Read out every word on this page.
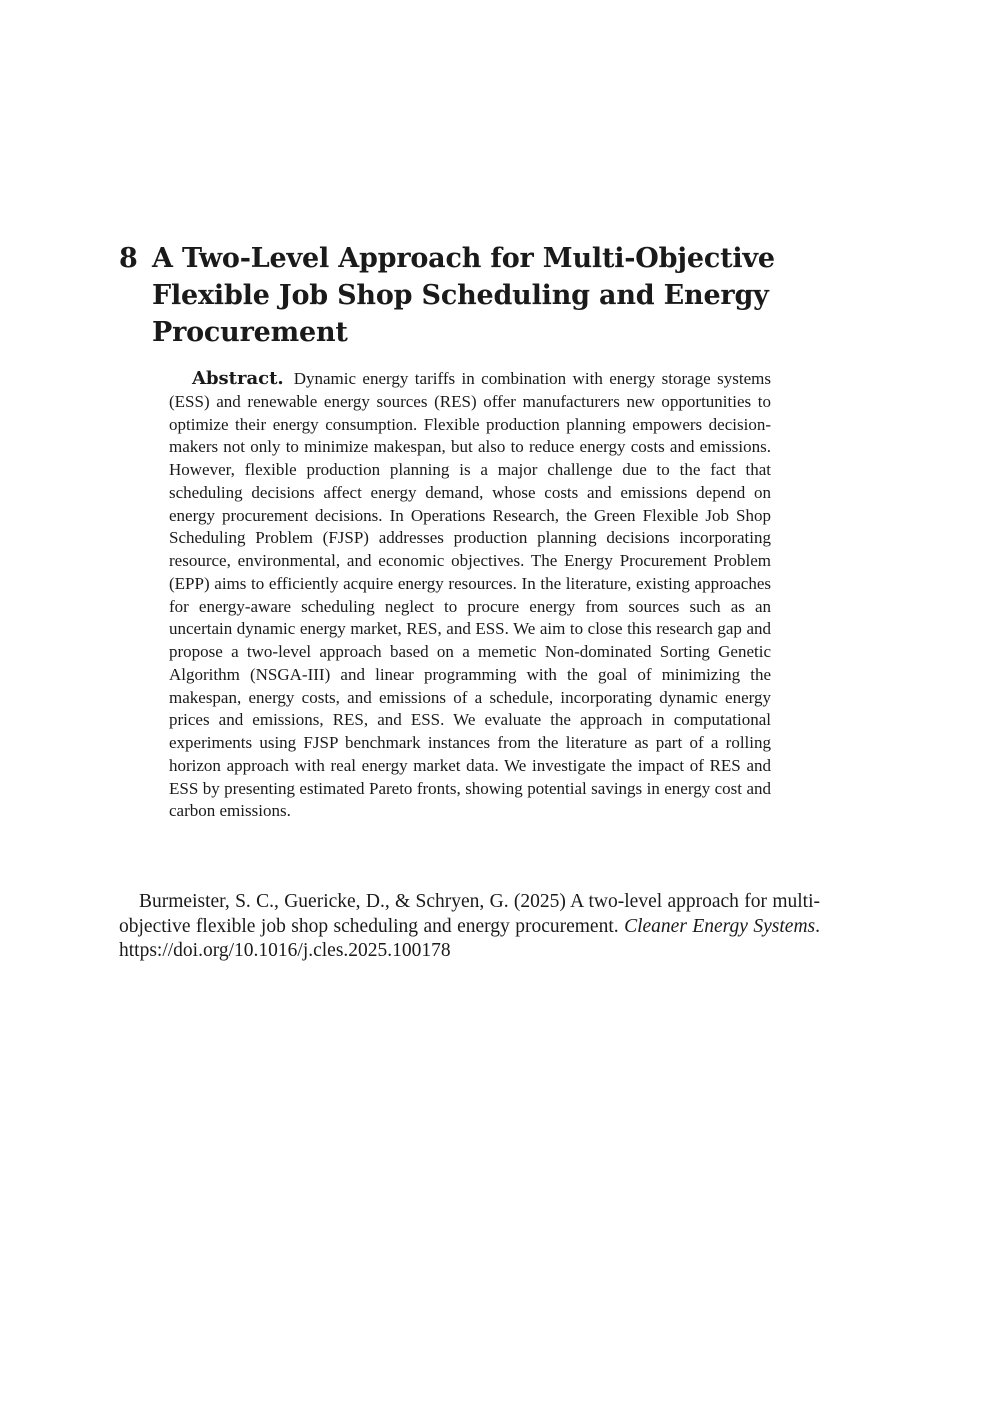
8 A Two-Level Approach for Multi-Objective Flexible Job Shop Scheduling and Energy Procurement
Abstract. Dynamic energy tariffs in combination with energy storage systems (ESS) and renewable energy sources (RES) offer manufacturers new opportunities to optimize their energy consumption. Flexible production planning empowers decision-makers not only to minimize makespan, but also to reduce energy costs and emissions. However, flexible production planning is a major challenge due to the fact that scheduling decisions affect energy demand, whose costs and emissions depend on energy procurement decisions. In Operations Research, the Green Flexible Job Shop Scheduling Problem (FJSP) addresses production planning decisions incorporating resource, environmental, and economic objectives. The Energy Procurement Problem (EPP) aims to efficiently acquire energy resources. In the literature, existing approaches for energy-aware scheduling neglect to procure energy from sources such as an uncertain dynamic energy market, RES, and ESS. We aim to close this research gap and propose a two-level approach based on a memetic Non-dominated Sorting Genetic Algorithm (NSGA-III) and linear programming with the goal of minimizing the makespan, energy costs, and emissions of a schedule, incorporating dynamic energy prices and emissions, RES, and ESS. We evaluate the approach in computational experiments using FJSP benchmark instances from the literature as part of a rolling horizon approach with real energy market data. We investigate the impact of RES and ESS by presenting estimated Pareto fronts, showing potential savings in energy cost and carbon emissions.
Burmeister, S. C., Guericke, D., & Schryen, G. (2025) A two-level approach for multi-objective flexible job shop scheduling and energy procurement. Cleaner Energy Systems. https://doi.org/10.1016/j.cles.2025.100178
